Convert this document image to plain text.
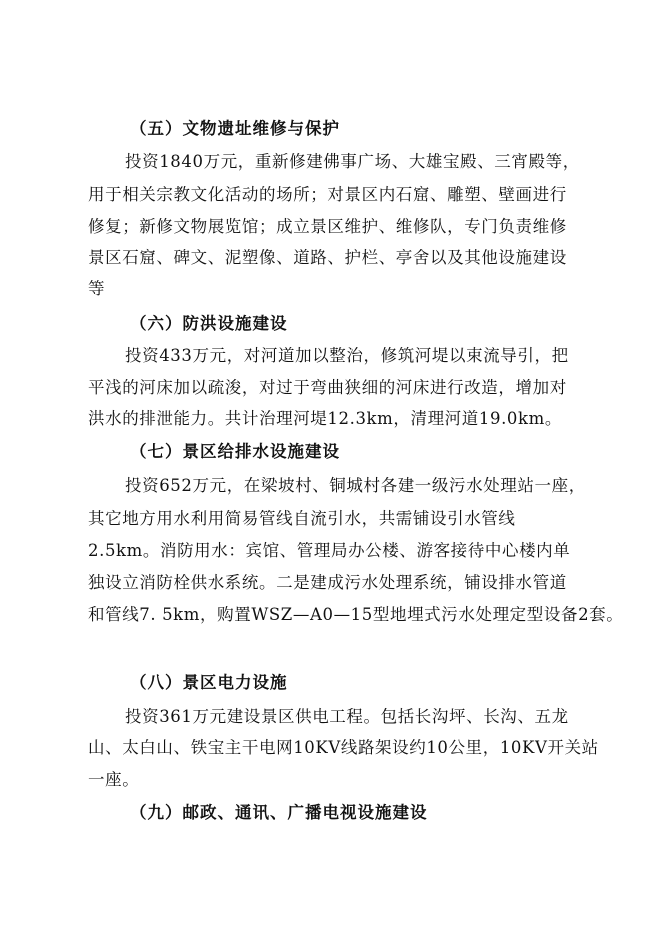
（五）文物遗址维修与保护
投资1840万元，重新修建佛事广场、大雄宝殿、三宵殿等，
用于相关宗教文化活动的场所；对景区内石窟、雕塑、壁画进行
修复；新修文物展览馆；成立景区维护、维修队，专门负责维修
景区石窟、碑文、泥塑像、道路、护栏、亭舍以及其他设施建设
等
（六）防洪设施建设
投资433万元，对河道加以整治，修筑河堤以束流导引，把
平浅的河床加以疏浚，对过于弯曲狭细的河床进行改造，增加对
洪水的排泄能力。共计治理河堤12.3km，清理河道19.0km。
（七）景区给排水设施建设
投资652万元，在梁坡村、铜城村各建一级污水处理站一座，
其它地方用水利用简易管线自流引水，共需铺设引水管线
2.5km。消防用水：宾馆、管理局办公楼、游客接待中心楼内单
独设立消防栓供水系统。二是建成污水处理系统，铺设排水管道
和管线7. 5km，购置WSZ—A0—15型地埋式污水处理定型设备2套。
（八）景区电力设施
投资361万元建设景区供电工程。包括长沟坪、长沟、五龙
山、太白山、铁宝主干电网10KV线路架设约10公里，10KV开关站
一座。
（九）邮政、通讯、广播电视设施建设
